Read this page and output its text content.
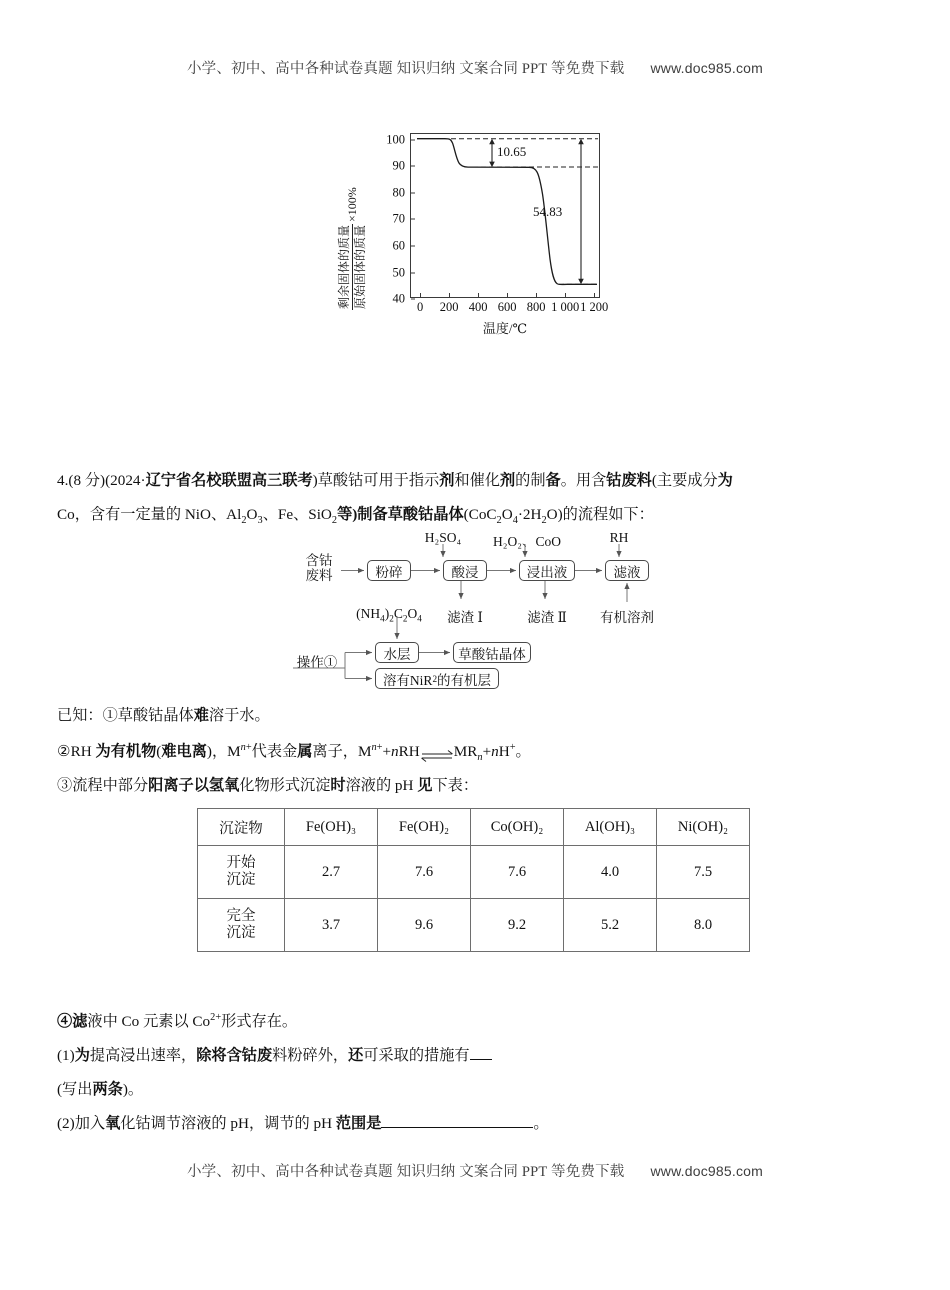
小学、初中、高中各种试卷真题 知识归纳 文案合同 PPT 等免费下载 www.doc985.com
剩余固体的质量 原始固体的质量
×100%
100
90
80
70
60
50
40
0 200 400 600 800 1 000 1 200
10.65
54.83
温度/℃
4.(8 分)(2024·辽宁省名校联盟高三联考)草酸钴可用于指示剂和催化剂的制备。用含钴废料(主要成分为
Co，含有一定量的 NiO、$Al_2O_3$、Fe、SiO$_2$等)制备草酸钴晶体$(CoC_2O_4\cdot 2H_2O)$的流程如下：
H₂SO₄	H₂O₂、CoO	RH
含钴
废料	粉碎	酸浸	浸出液	滤液
水层	草酸钴晶体
溶有NiR 2 的有机层
$(NH_4)_2C_2O_4$	滤渣 Ⅰ	滤渣 Ⅱ	有机溶剂
操作①
已知：①草酸钴晶体难溶于水。
②RH 为有机物(难电离)，$M^{n+}$代表金属离子，$M^{n+}+nRH$ $MR_n+nH^+$。
③流程中部分阳离子以氢氧化物形式沉淀时溶液的 pH 见下表：
沉淀物	Fe(OH)₃	Fe(OH)₂	Co(OH)₂	Al(OH)₃	Ni(OH)₂

开始
沉淀	2.7	7.6	7.6	4.0	7.5

完全
沉淀	3.7	9.6	9.2	5.2	8.0
④滤液中 Co 元素以 $Co^{2+}$形式存在。
(1)为提高浸出速率，除将含钴废料粉碎外，还可采取的措施有
(写出两条)。
(2)加入氧化钴调节溶液的 pH，调节的 pH 范围是	。
小学、初中、高中各种试卷真题 知识归纳 文案合同 PPT 等免费下载 www.doc985.com
